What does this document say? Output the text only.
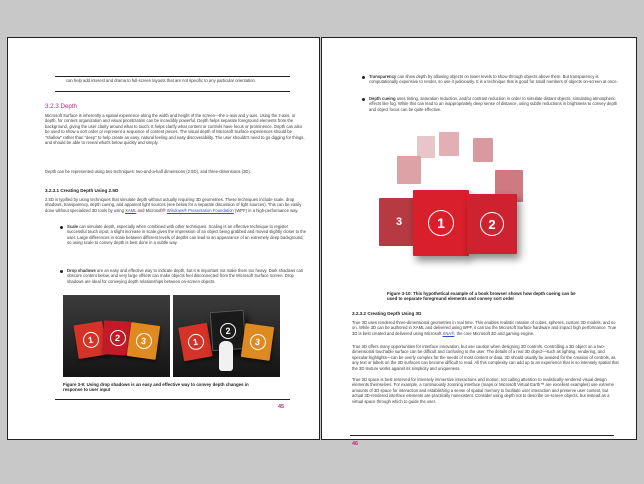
can help add interest and drama to full-screen layouts that are not specific to any particular orientation.

3.2.3 Depth

Microsoft Surface is inherently a spatial experience along the width and height of the screen—the x-axis and y-axis. Using the z-axis, or depth, for content organization and visual prioritization can be incredibly powerful. Depth helps separate foreground elements from the background, giving the user clarity around what to touch. It helps clarify what content or controls have focus or prominence. Depth can also be used to show a sort order or represent a sequence of content pieces. The visual depth of Microsoft Surface experiences should be "shallow" rather than "deep" to help create an easy, natural feeling and easy discoverability. The user shouldn't need to go digging for things, and should be able to reveal what's below quickly and simply.

Depth can be represented using two techniques: two-and-a-half dimensions (2.5D), and three-dimensions (3D).

3.2.3.1 Creating Depth Using 2.5D

2.5D is typified by using techniques that simulate depth without actually requiring 3D geometries. These techniques include scale, drop shadows, transparency, depth cueing, and apparent light sources (see below for a separate discussion of light sources). This can be easily done without specialized 3D tools by using XAML and Microsoft® Windows® Presentation Foundation (WPF) in a high-performance way.

Scale can simulate depth, especially when combined with other techniques. Scaling is an effective technique to register successful touch input; a slight increase in scale gives the impression of an object being grabbed and moved slightly closer to the user. Large differences in scale between different levels of depths can lead to an appearance of an extremely deep background, so using scale to convey depth is best done in a subtle way.

Drop shadows are an easy and effective way to indicate depth, but it is important not make them too heavy. Dark shadows can obscure content below, and very large offsets can make objects feel disconnected from the Microsoft Surface screen. Drop shadows are ideal for conveying depth relationships between on-screen objects.

1	2	3	1
2
3

Figure 3-9: Using drop shadows is an easy and effective way to convey depth changes in response to user input

45

Transparency can show depth by allowing objects on lower levels to show through objects above them. But transparency is computationally expensive to render, so use it judiciously. It is a technique that is good for small numbers of objects on-screen at once.

Depth cueing uses tinting, saturation reduction, and/or contrast reduction in order to simulate distant objects, simulating atmospheric effects like fog. While this can lead to an inappropriately deep sense of distance, using subtle reductions in brightness to convey depth and object focus can be quite effective.

3	1	2

Figure 3-10: This hypothetical example of a book browser shows how depth cueing can be used to separate foreground elements and convey sort order

3.2.3.2 Creating Depth Using 3D

True 3D uses rendered three-dimensional geometries in real time. This enables realistic rotation of cubes, spheres, custom 3D models, and so on. While 3D can be authored in XAML and delivered using WPF, it can tax the Microsoft Surface hardware and impact high performance. True 3D is best created and delivered using Microsoft XNA®, the core Microsoft 3D and gaming engine.

True 3D offers many opportunities for interface innovation, but use caution when designing 3D controls. Controlling a 3D object on a two-dimensional touchable surface can be difficult and confusing to the user. The details of a real 3D object—such as lighting, rendering, and specular highlights—can be overly complex for the needs of most content or data. 3D should usually be avoided for the creation of controls, as any text or labels on the 3D surfaces can become difficult to read. All this complexity can add up to an experience that is so intensely spatial that the 3D texture works against its simplicity and uniqueness.

True 3D space is best reserved for intensely immersive interactions and motion, not calling attention to realistically-rendered visual design elements themselves. For example, a continuously zooming interface (maps or Microsoft Virtual Earth™ are excellent examples) use extreme amounts of 3D space for interaction and establishing a sense of spatial memory to facilitate user interaction and preserve user context, but actual 3D-rendered interface elements are practically nonexistent. Consider using depth not to describe on-screen objects, but instead as a virtual space through which to guide the user.

46
